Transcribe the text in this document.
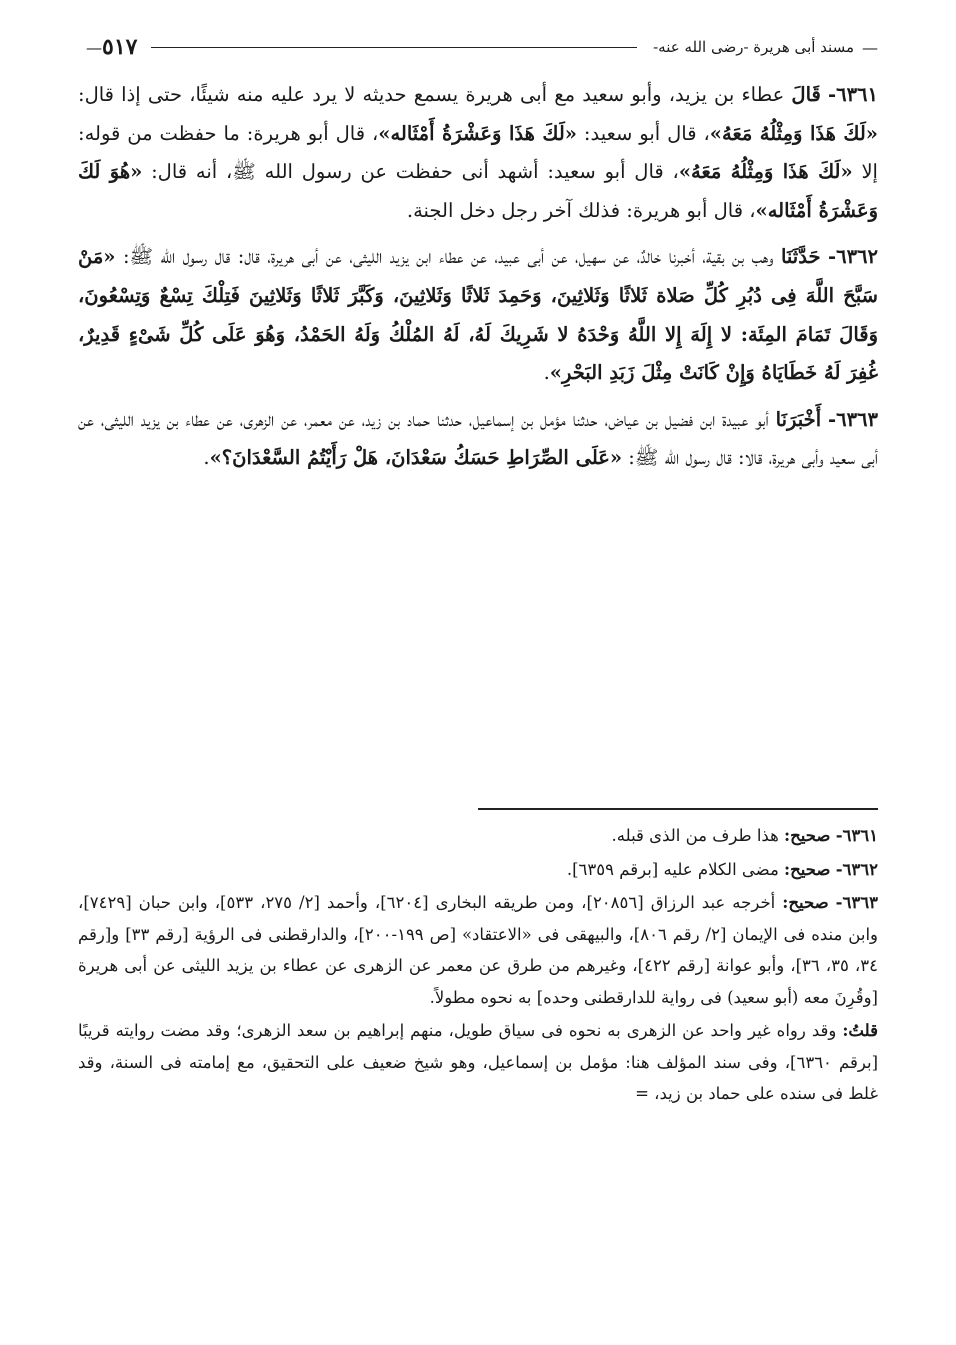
—
مسند أبى هريرة -رضى الله عنه-
٥١٧
—

٦٣٦١- قَالَ عطاء بن يزيد، وأبو سعيد مع أبى هريرة يسمع حديثه لا يرد عليه منه شيئًا، حتى إذا قال: «لَكَ هَذَا وَمِثْلُهُ مَعَهُ»، قال أبو سعيد: «لَكَ هَذَا وَعَشْرَةُ أَمْثَاله»، قال أبو هريرة: ما حفظت من قوله: إلا «لَكَ هَذَا وَمِثْلُهُ مَعَهُ»، قال أبو سعيد: أشهد أنى حفظت عن رسول الله ﷺ، أنه قال: «هُوَ لَكَ وَعَشْرَةُ أَمْثَاله»، قال أبو هريرة: فذلك آخر رجل دخل الجنة.

٦٣٦٢- حَدَّثَنَا وهب بن بقية، أخبرنا خالدٌ، عن سهيل، عن أبى عبيد، عن عطاء ابن يزيد الليثى، عن أبى هريرة، قال: قال رسول الله ﷺ: «مَنْ سَبَّحَ اللَّهَ فِى دُبُرِ كُلِّ صَلاة ثَلاثًا وَثَلاثِينَ، وَحَمِدَ ثَلاثًا وَثَلاثِينَ، وَكَبَّرَ ثَلاثًا وَثَلاثِينَ فَتِلْكَ تِسْعٌ وَتِسْعُونَ، وَقَالَ تَمَامَ المِئَة: لا إِلَهَ إِلا اللَّهُ وَحْدَهُ لا شَرِيكَ لَهُ، لَهُ المُلْكُ وَلَهُ الحَمْدُ، وَهُوَ عَلَى كُلِّ شَىْءٍ قَدِيرٌ، غُفِرَ لَهُ خَطَايَاهُ وَإِنْ كَانَتْ مِثْلَ زَبَدِ البَحْرِ».

٦٣٦٣- أَخْبَرَنَا أبو عبيدة ابن فضيل بن عياض، حدثنا مؤمل بن إسماعيل، حدثنا حماد بن زيد، عن معمر، عن الزهرى، عن عطاء بن يزيد الليثى، عن أبى سعيد وأبى هريرة، قالا: قال رسول الله ﷺ: «عَلَى الصِّرَاطِ حَسَكُ سَعْدَانَ، هَلْ رَأَيْتُمُ السَّعْدَانَ؟».

٦٣٦١- صحيح: هذا طرف من الذى قبله.

٦٣٦٢- صحيح: مضى الكلام عليه [برقم ٦٣٥٩].

٦٣٦٣- صحيح: أخرجه عبد الرزاق [٢٠٨٥٦]، ومن طريقه البخارى [٦٢٠٤]، وأحمد [٢/ ٢٧٥، ٥٣٣]، وابن حبان [٧٤٢٩]، وابن منده فى الإيمان [٢/ رقم ٨٠٦]، والبيهقى فى «الاعتقاد» [ص ١٩٩-٢٠٠]، والدارقطنى فى الرؤية [رقم ٣٣] و[رقم ٣٤، ٣٥، ٣٦]، وأبو عوانة [رقم ٤٢٢]، وغيرهم من طرق عن معمر عن الزهرى عن عطاء بن يزيد الليثى عن أبى هريرة [وقُرِنَ معه (أبو سعيد) فى رواية للدارقطنى وحده] به نحوه مطولاً.

قلتُ: وقد رواه غير واحد عن الزهرى به نحوه فى سياق طويل، منهم إبراهيم بن سعد الزهرى؛ وقد مضت روايته قريبًا [برقم ٦٣٦٠]، وفى سند المؤلف هنا: مؤمل بن إسماعيل، وهو شيخ ضعيف على التحقيق، مع إمامته فى السنة، وقد غلط فى سنده على حماد بن زيد، =
